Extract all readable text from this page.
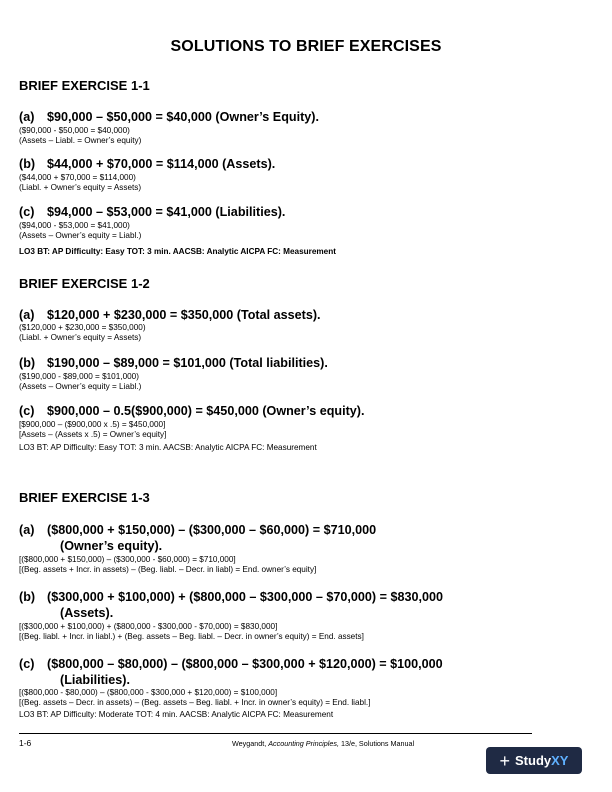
SOLUTIONS TO BRIEF EXERCISES
BRIEF EXERCISE 1-1
(a) $90,000 – $50,000 = $40,000 (Owner’s Equity).
($90,000 - $50,000 = $40,000)
(Assets – Liabl. = Owner’s equity)
(b) $44,000 + $70,000 = $114,000 (Assets).
($44,000 + $70,000 = $114,000)
(Liabl. + Owner’s equity = Assets)
(c) $94,000 – $53,000 = $41,000 (Liabilities).
($94,000 - $53,000 = $41,000)
(Assets – Owner’s equity = Liabl.)
LO3 BT: AP Difficulty: Easy TOT: 3 min. AACSB: Analytic AICPA FC: Measurement
BRIEF EXERCISE 1-2
(a) $120,000 + $230,000 = $350,000 (Total assets).
($120,000 + $230,000 = $350,000)
(Liabl. + Owner’s equity = Assets)
(b) $190,000 – $89,000 = $101,000 (Total liabilities).
($190,000 - $89,000 = $101,000)
(Assets – Owner’s equity = Liabl.)
(c) $900,000 – 0.5($900,000) = $450,000 (Owner’s equity).
[$900,000 – ($900,000 x .5) = $450,000]
[Assets – (Assets x .5) = Owner’s equity]
LO3 BT: AP Difficulty: Easy TOT: 3 min. AACSB: Analytic AICPA FC: Measurement
BRIEF EXERCISE 1-3
(a) ($800,000 + $150,000) – ($300,000 – $60,000) = $710,000
(Owner’s equity).
[($800,000 + $150,000) – ($300,000 - $60,000) = $710,000]
[(Beg. assets + Incr. in assets) – (Beg. liabl. – Decr. in liabl) = End. owner’s equity]
(b) ($300,000 + $100,000) + ($800,000 – $300,000 – $70,000) = $830,000
(Assets).
[($300,000 + $100,000) + ($800,000 - $300,000 - $70,000) = $830,000]
[(Beg. liabl. + Incr. in liabl.) + (Beg. assets – Beg. liabl. – Decr. in owner’s equity) = End. assets]
(c) ($800,000 – $80,000) – ($800,000 – $300,000 + $120,000) = $100,000
(Liabilities).
[($800,000 - $80,000) – ($800,000 - $300,000 + $120,000) = $100,000]
[(Beg. assets – Decr. in assets) – (Beg. assets – Beg. liabl. + Incr. in owner’s equity) = End. liabl.]
LO3 BT: AP Difficulty: Moderate TOT: 4 min. AACSB: Analytic AICPA FC: Measurement
1-6	Weygandt, Accounting Principles, 13/e, Solutions Manual
+ Study XY
